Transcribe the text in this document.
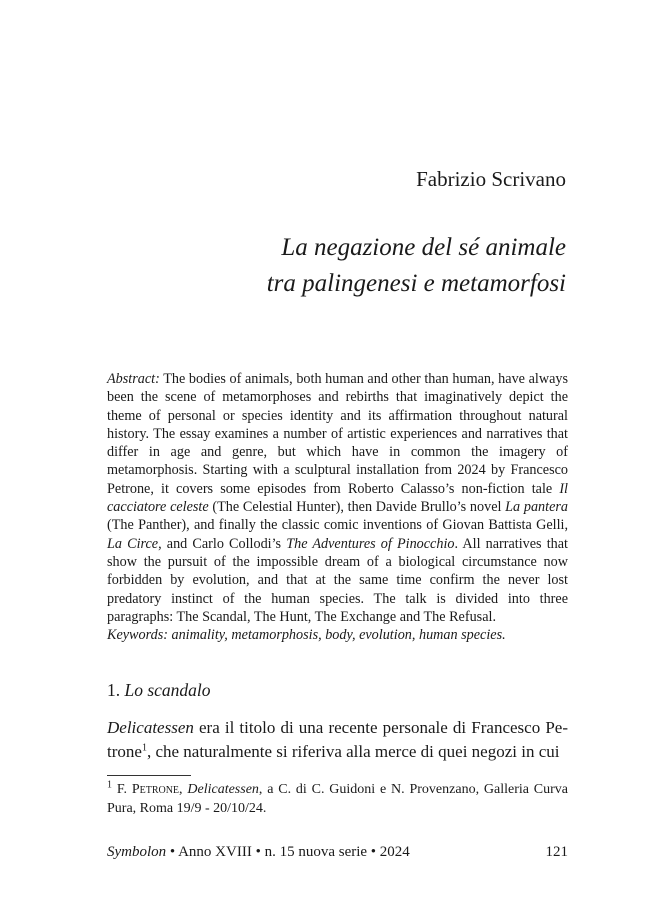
Fabrizio Scrivano
La negazione del sé animale
tra palingenesi e metamorfosi
Abstract: The bodies of animals, both human and other than human, have always been the scene of metamorphoses and rebirths that imaginatively depict the theme of personal or species identity and its affirmation throughout natural history. The essay examines a number of artistic experiences and narratives that differ in age and genre, but which have in common the imagery of metamorphosis. Starting with a sculptural installation from 2024 by Francesco Petrone, it covers some episodes from Roberto Calasso’s non-fiction tale Il cacciatore celeste (The Celestial Hunter), then Davide Brullo’s novel La pantera (The Panther), and finally the classic comic inventions of Giovan Battista Gelli, La Circe, and Carlo Collodi’s The Adventures of Pinocchio. All narratives that show the pursuit of the impossible dream of a biological circumstance now forbidden by evolution, and that at the same time confirm the never lost predatory instinct of the human species. The talk is divided into three paragraphs: The Scandal, The Hunt, The Exchange and The Refusal.
Keywords: animality, metamorphosis, body, evolution, human species.
1. Lo scandalo
Delicatessen era il titolo di una recente personale di Francesco Petrone$^1$, che naturalmente si riferiva alla merce di quei negozi in cui
$^1$ F. Petrone, Delicatessen, a C. di C. Guidoni e N. Provenzano, Galleria Curva Pura, Roma 19/9 - 20/10/24.
Symbolon • Anno XVIII • n. 15 nuova serie • 2024	121
